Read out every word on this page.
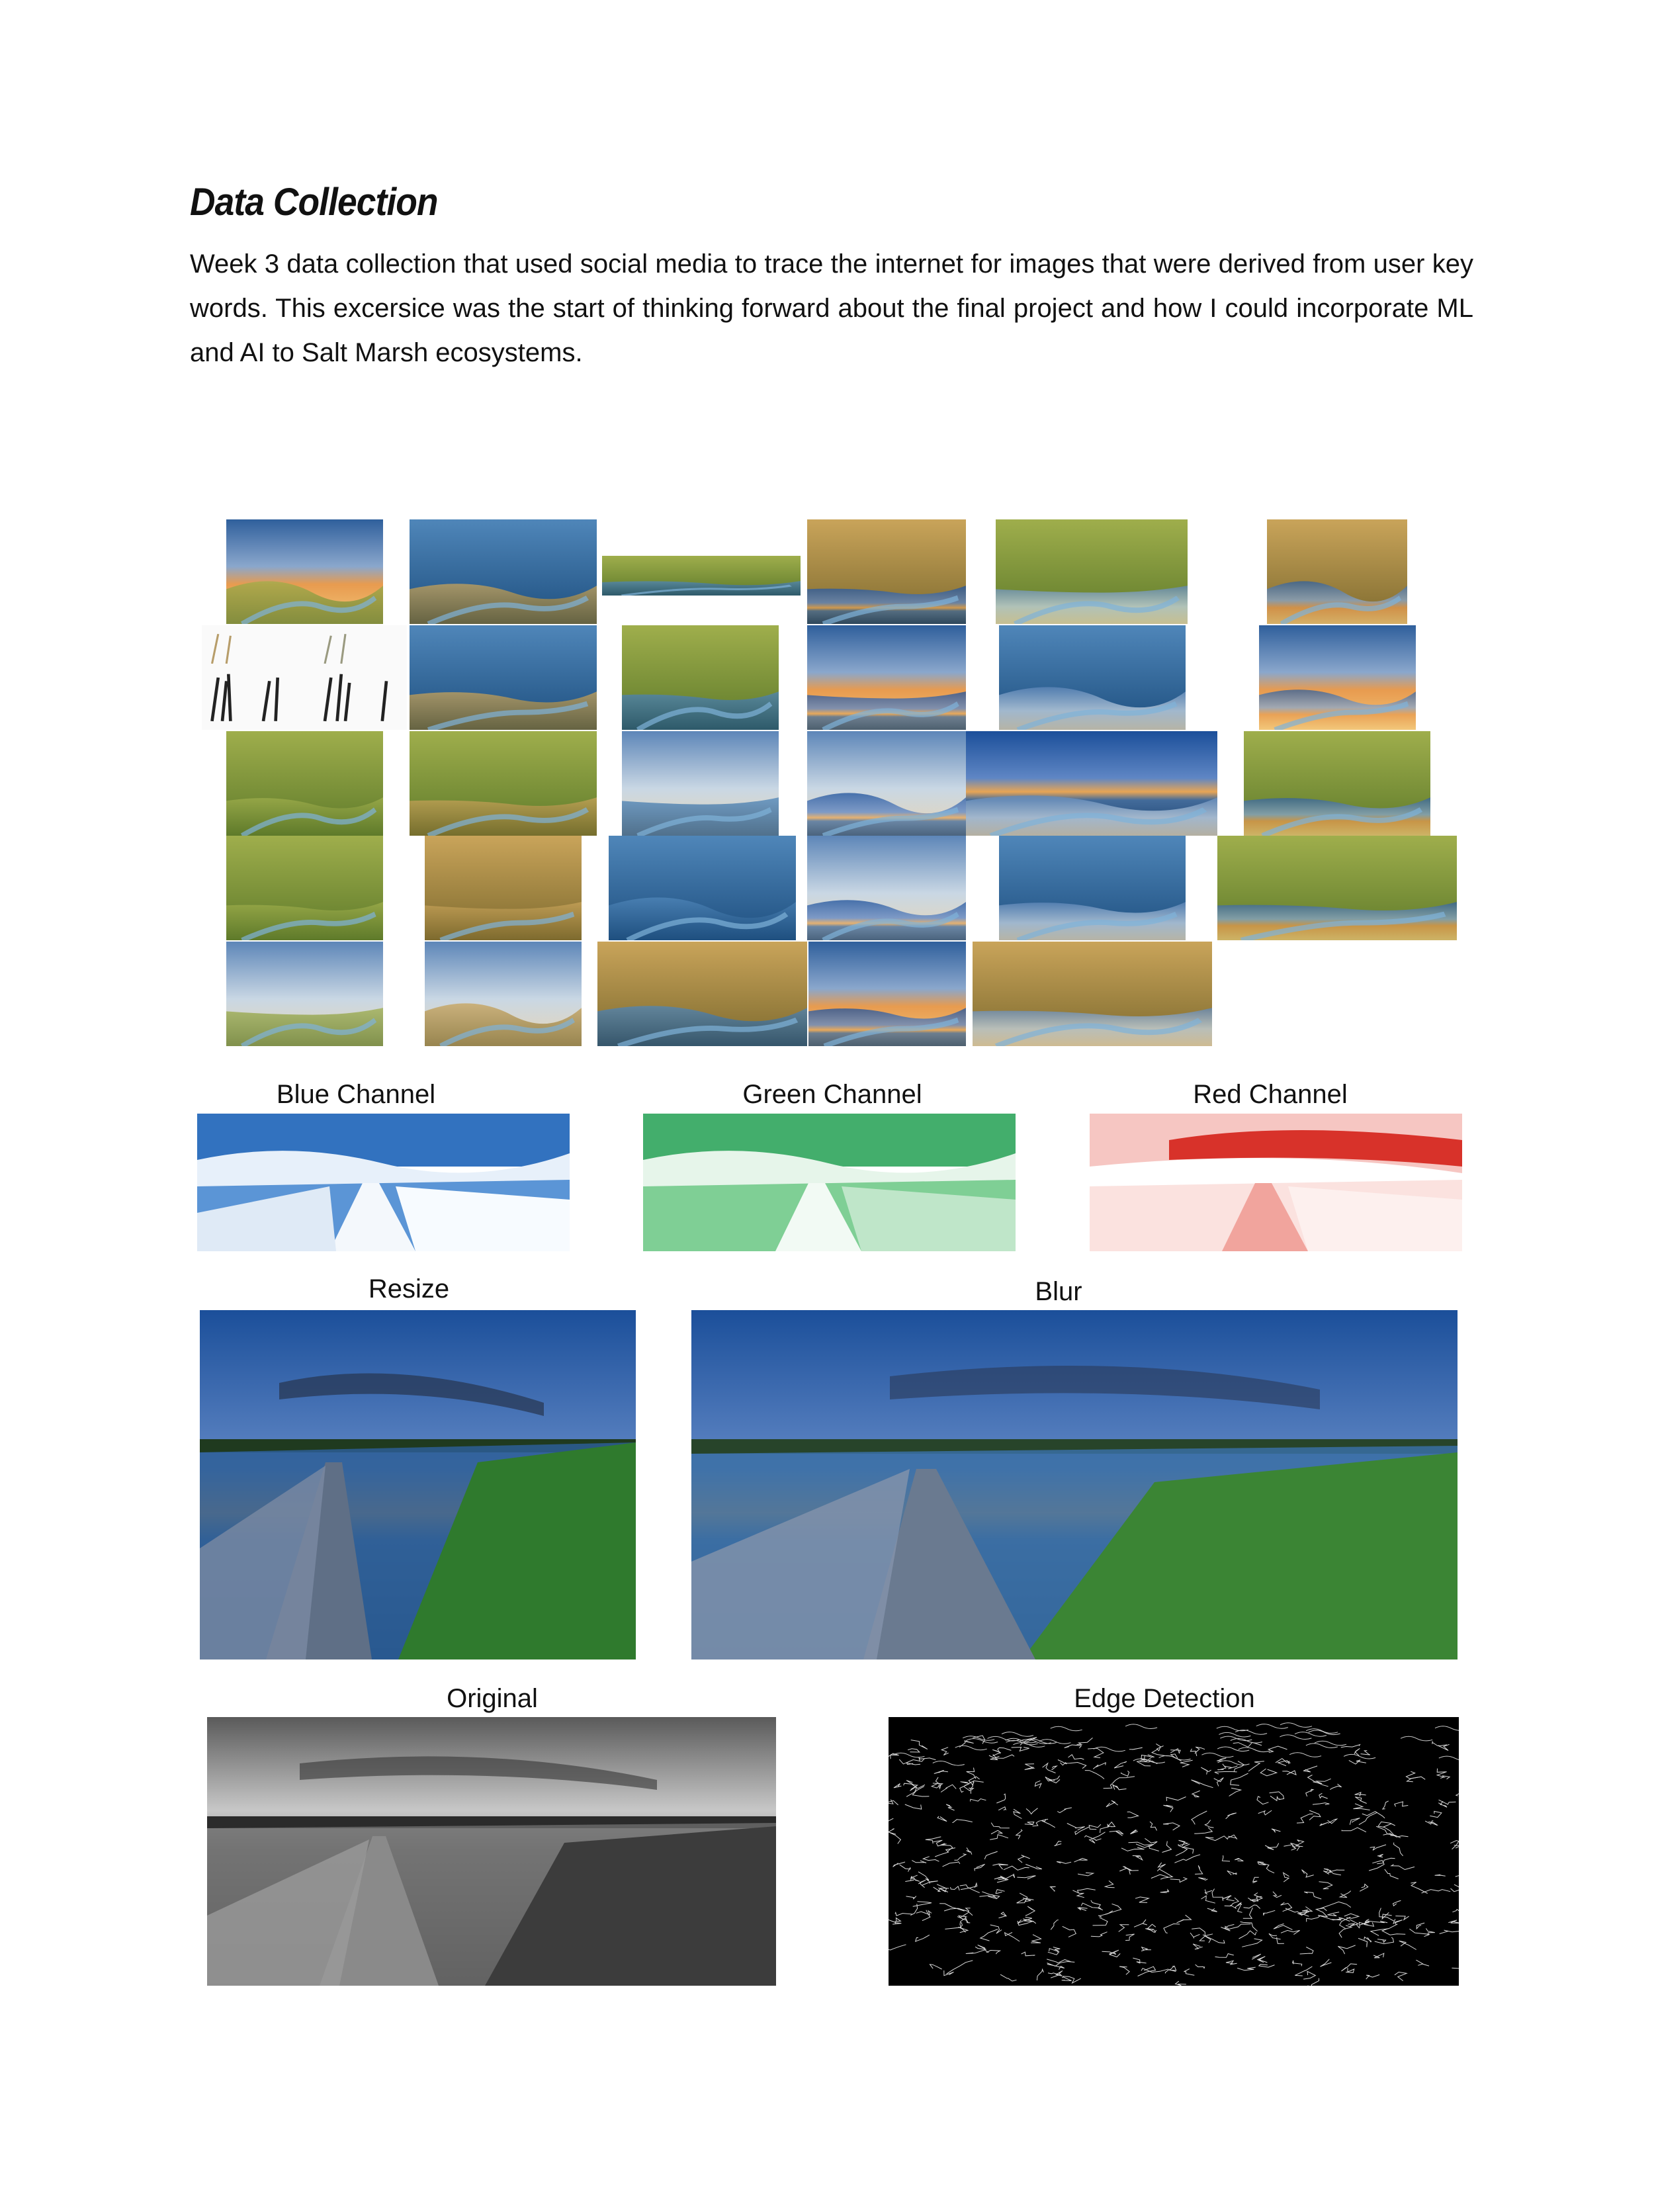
Data Collection
Week 3 data collection that used social media to trace the internet for images that were derived from user key words. This excersice was the start of thinking forward about the final project and how I could incorporate ML and AI to Salt Marsh ecosystems.
Blue Channel	Green Channel	Red Channel
Resize	Blur
Original	Edge Detection
